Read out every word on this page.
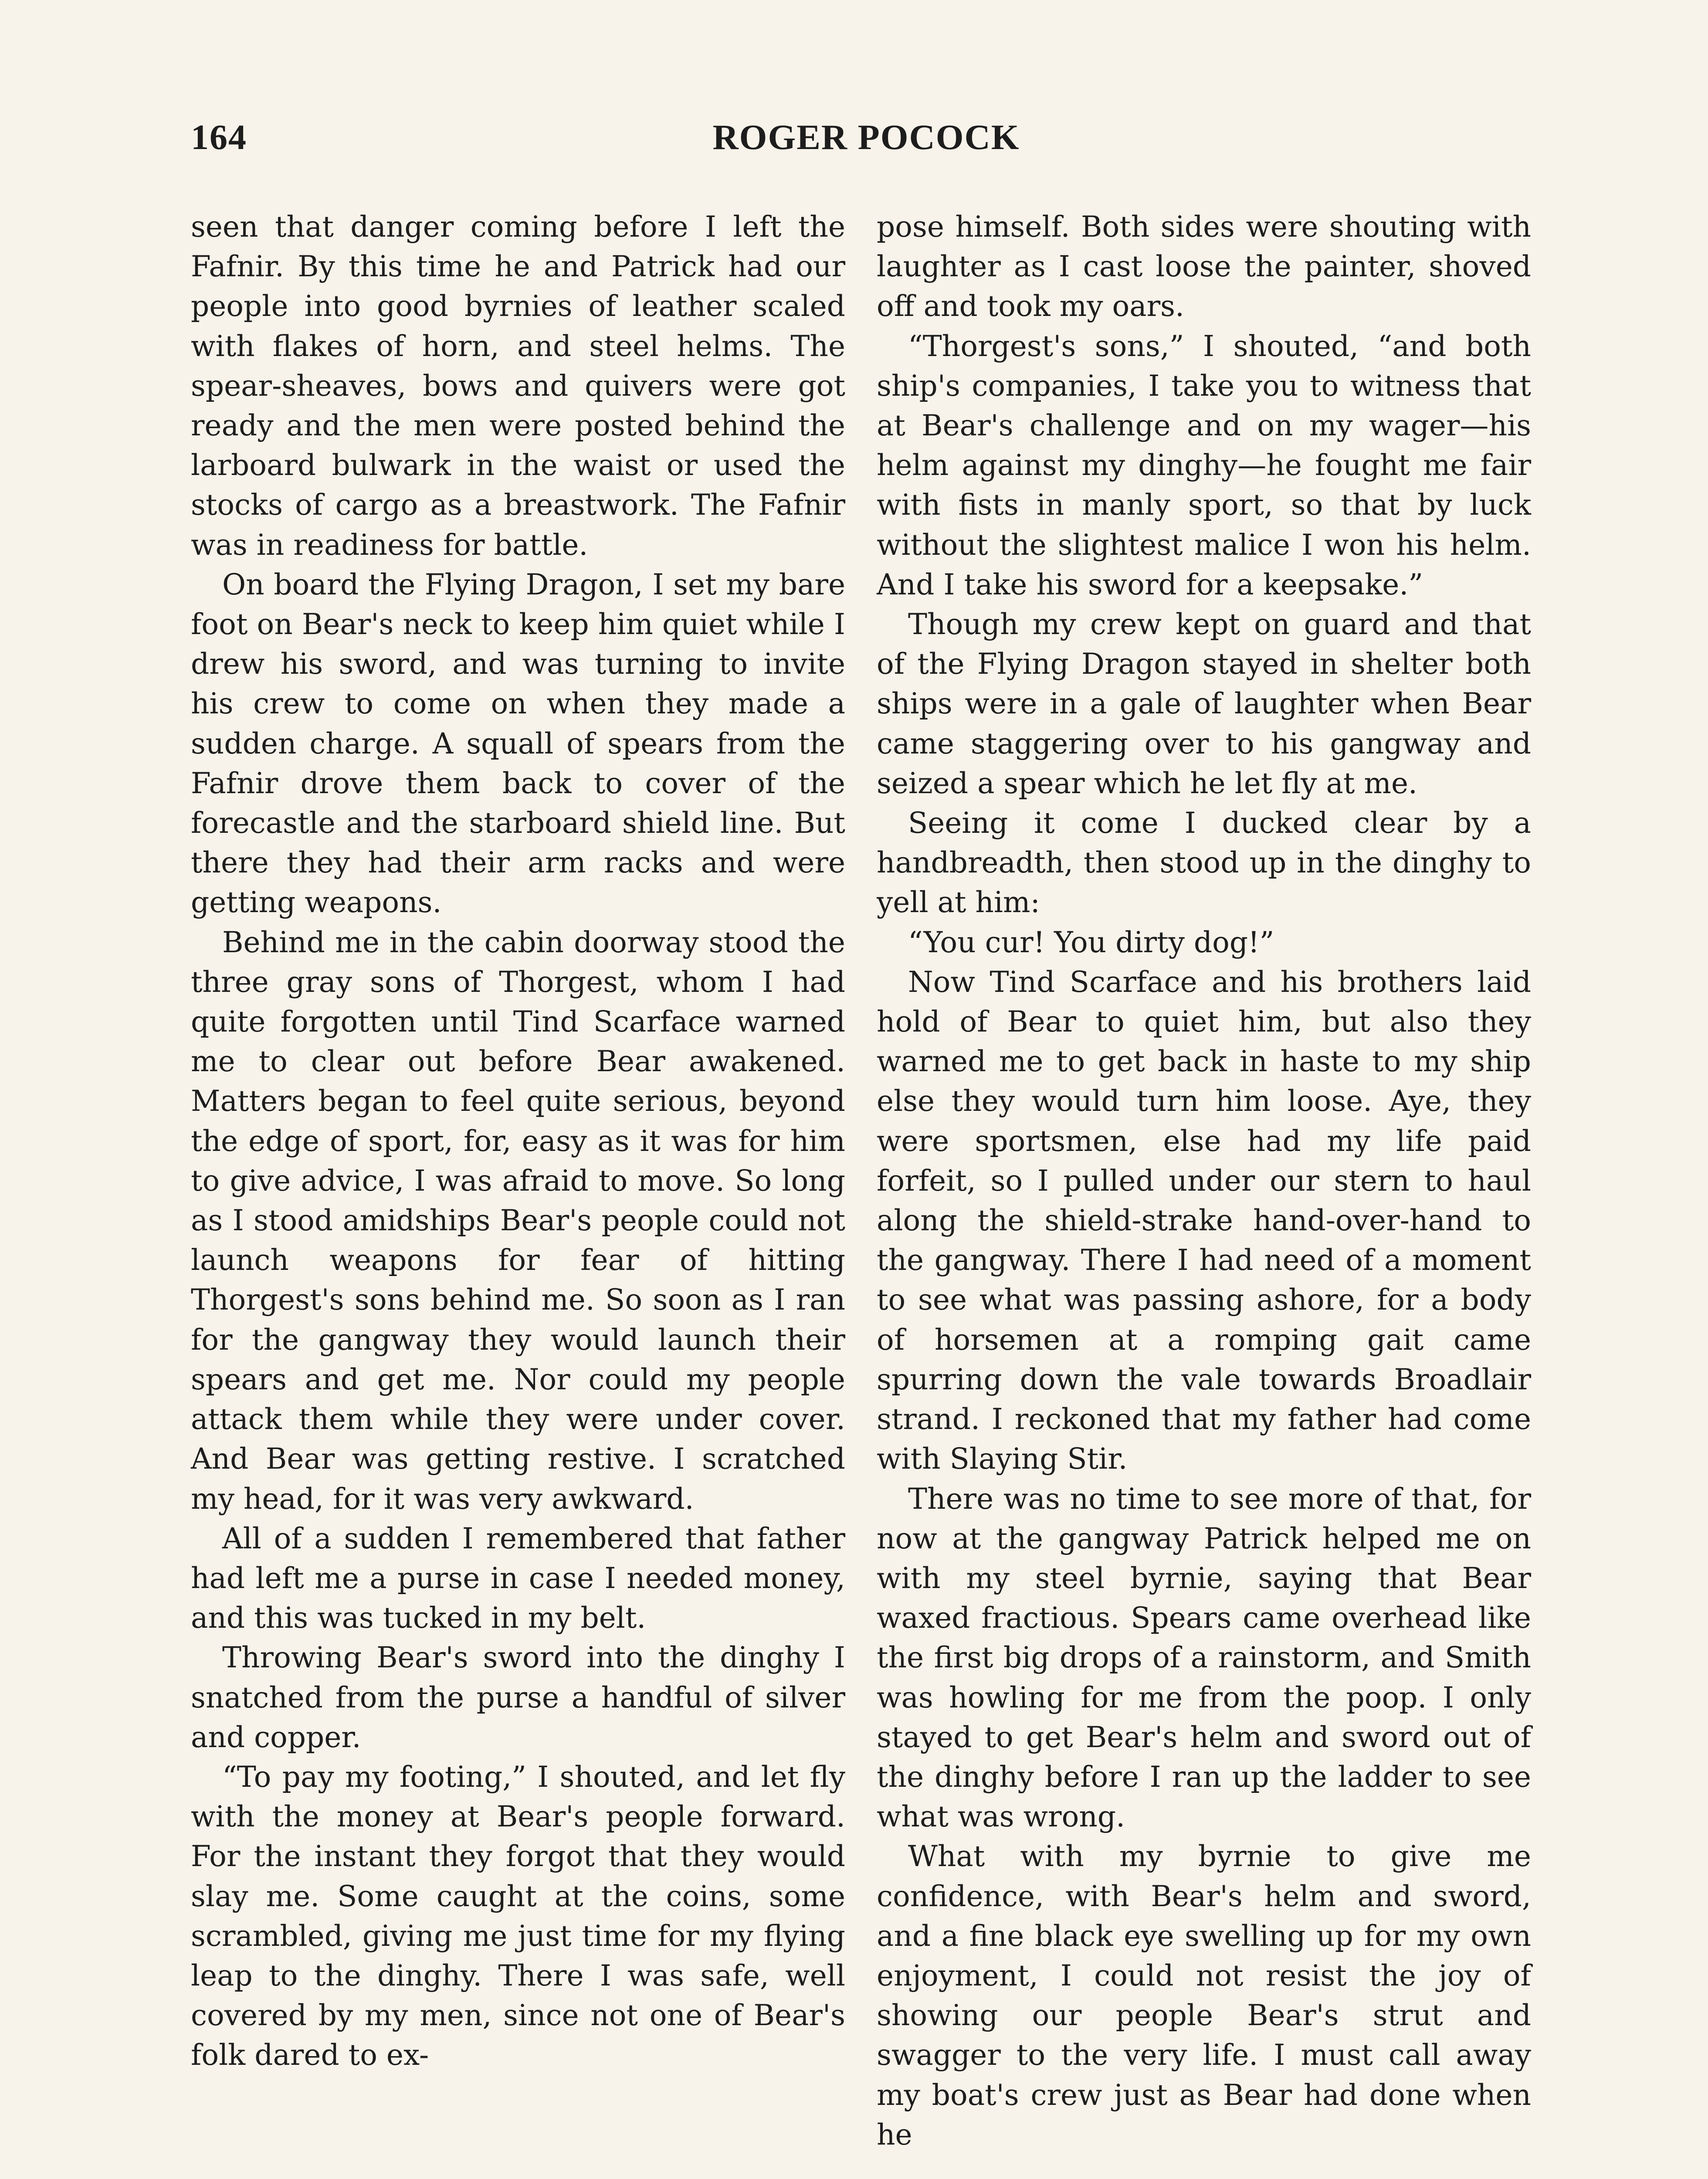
164	ROGER POCOCK

seen that danger coming before I left the Fafnir. By this time he and Patrick had our people into good byrnies of leather scaled with flakes of horn, and steel helms. The spear-sheaves, bows and quivers were got ready and the men were posted behind the larboard bulwark in the waist or used the stocks of cargo as a breastwork. The Fafnir was in readiness for battle.

On board the Flying Dragon, I set my bare foot on Bear's neck to keep him quiet while I drew his sword, and was turning to invite his crew to come on when they made a sudden charge. A squall of spears from the Fafnir drove them back to cover of the forecastle and the starboard shield line. But there they had their arm racks and were getting weapons.

Behind me in the cabin doorway stood the three gray sons of Thorgest, whom I had quite forgotten until Tind Scarface warned me to clear out before Bear awakened. Matters began to feel quite serious, beyond the edge of sport, for, easy as it was for him to give advice, I was afraid to move. So long as I stood amidships Bear's people could not launch weapons for fear of hitting Thorgest's sons behind me. So soon as I ran for the gangway they would launch their spears and get me. Nor could my people attack them while they were under cover. And Bear was getting restive. I scratched my head, for it was very awkward.

All of a sudden I remembered that father had left me a purse in case I needed money, and this was tucked in my belt.

Throwing Bear's sword into the dinghy I snatched from the purse a handful of silver and copper.

“To pay my footing,” I shouted, and let fly with the money at Bear's people forward. For the instant they forgot that they would slay me. Some caught at the coins, some scrambled, giving me just time for my flying leap to the dinghy. There I was safe, well covered by my men, since not one of Bear's folk dared to ex-

pose himself. Both sides were shouting with laughter as I cast loose the painter, shoved off and took my oars.

“Thorgest's sons,” I shouted, “and both ship's companies, I take you to witness that at Bear's challenge and on my wager—his helm against my dinghy—he fought me fair with fists in manly sport, so that by luck without the slightest malice I won his helm. And I take his sword for a keepsake.”

Though my crew kept on guard and that of the Flying Dragon stayed in shelter both ships were in a gale of laughter when Bear came staggering over to his gangway and seized a spear which he let fly at me.

Seeing it come I ducked clear by a handbreadth, then stood up in the dinghy to yell at him:

“You cur! You dirty dog!”

Now Tind Scarface and his brothers laid hold of Bear to quiet him, but also they warned me to get back in haste to my ship else they would turn him loose. Aye, they were sportsmen, else had my life paid forfeit, so I pulled under our stern to haul along the shield-strake hand-over-hand to the gangway. There I had need of a moment to see what was passing ashore, for a body of horsemen at a romping gait came spurring down the vale towards Broadlair strand. I reckoned that my father had come with Slaying Stir.

There was no time to see more of that, for now at the gangway Patrick helped me on with my steel byrnie, saying that Bear waxed fractious. Spears came overhead like the first big drops of a rainstorm, and Smith was howling for me from the poop. I only stayed to get Bear's helm and sword out of the dinghy before I ran up the ladder to see what was wrong.

What with my byrnie to give me confidence, with Bear's helm and sword, and a fine black eye swelling up for my own enjoyment, I could not resist the joy of showing our people Bear's strut and swagger to the very life. I must call away my boat's crew just as Bear had done when he
